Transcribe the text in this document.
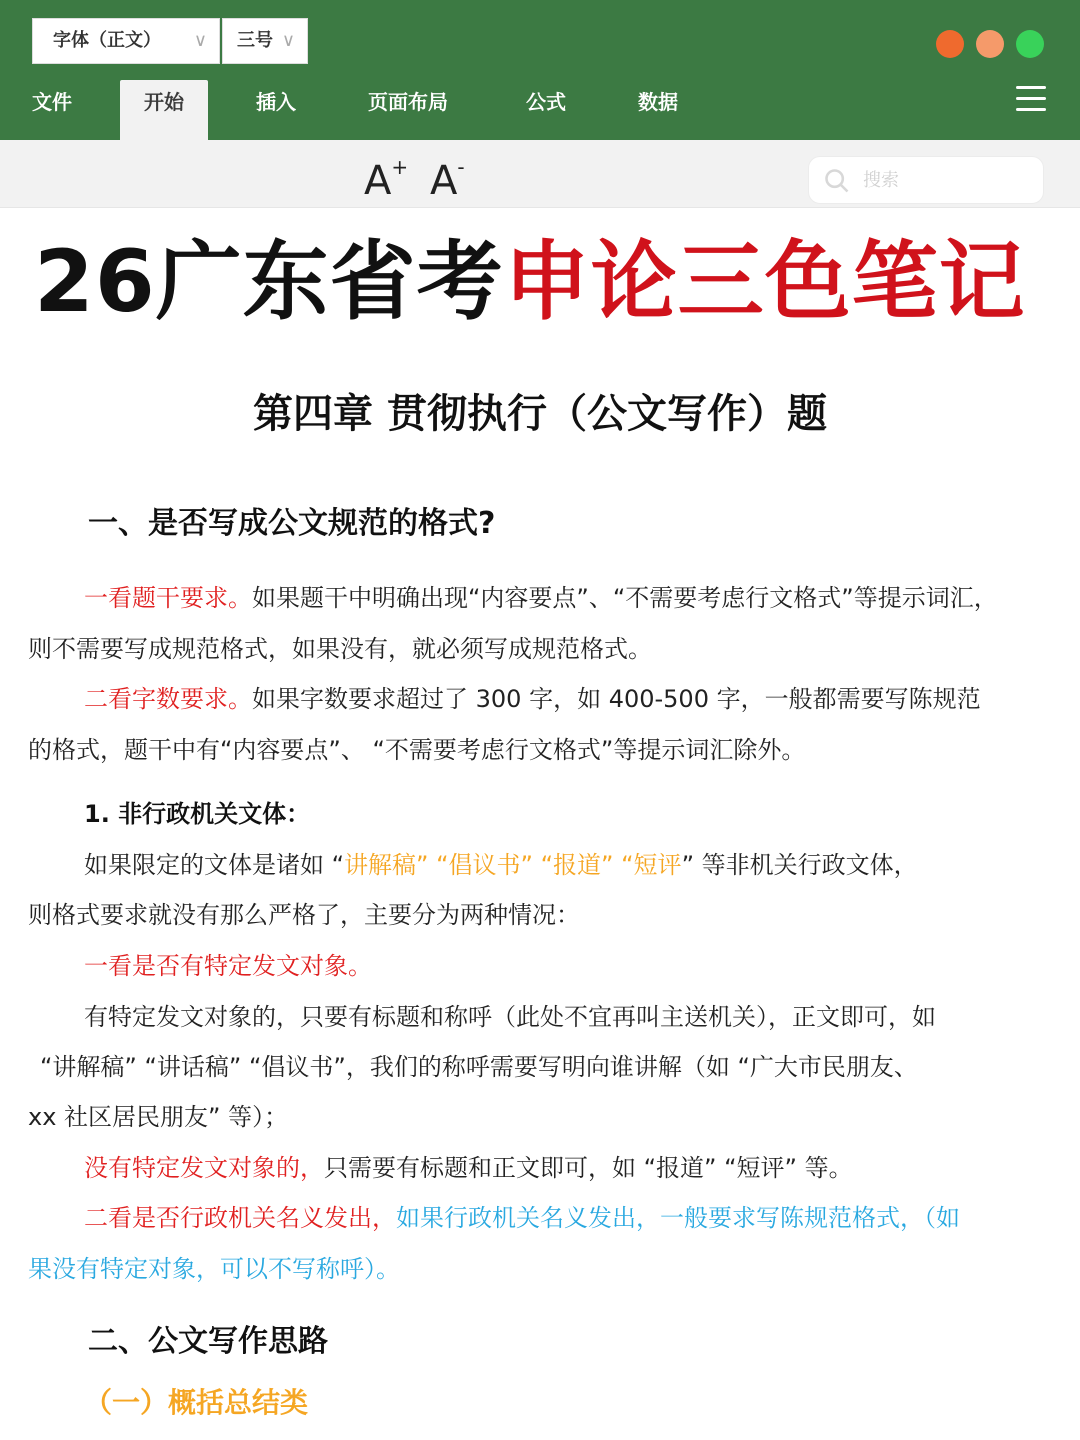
文件	开始	插入	页面布局	公式	数据
字体（正文） ∨	三号 ∨
A+ A-
搜索
26广东省考申论三色笔记
第四章 贯彻执行（公文写作）题
一、是否写成公文规范的格式?
一看题干要求。如果题干中明确出现“内容要点”、“不需要考虑行文格式”等提示词汇，
则不需要写成规范格式，如果没有，就必须写成规范格式。
二看字数要求。如果字数要求超过了 300 字，如 400-500 字，一般都需要写陈规范
的格式，题干中有“内容要点”、 “不需要考虑行文格式”等提示词汇除外。
1. 非行政机关文体：
如果限定的文体是诸如 “讲解稿” “倡议书” “报道” “短评” 等非机关行政文体，
则格式要求就没有那么严格了，主要分为两种情况：
一看是否有特定发文对象。
有特定发文对象的，只要有标题和称呼（此处不宜再叫主送机关），正文即可，如
“讲解稿” “讲话稿” “倡议书”，我们的称呼需要写明向谁讲解（如 “广大市民朋友、
xx 社区居民朋友” 等）；
没有特定发文对象的，只需要有标题和正文即可，如 “报道” “短评” 等。
二看是否行政机关名义发出，如果行政机关名义发出，一般要求写陈规范格式，（如
果没有特定对象，可以不写称呼）。
二、公文写作思路
（一）概括总结类
